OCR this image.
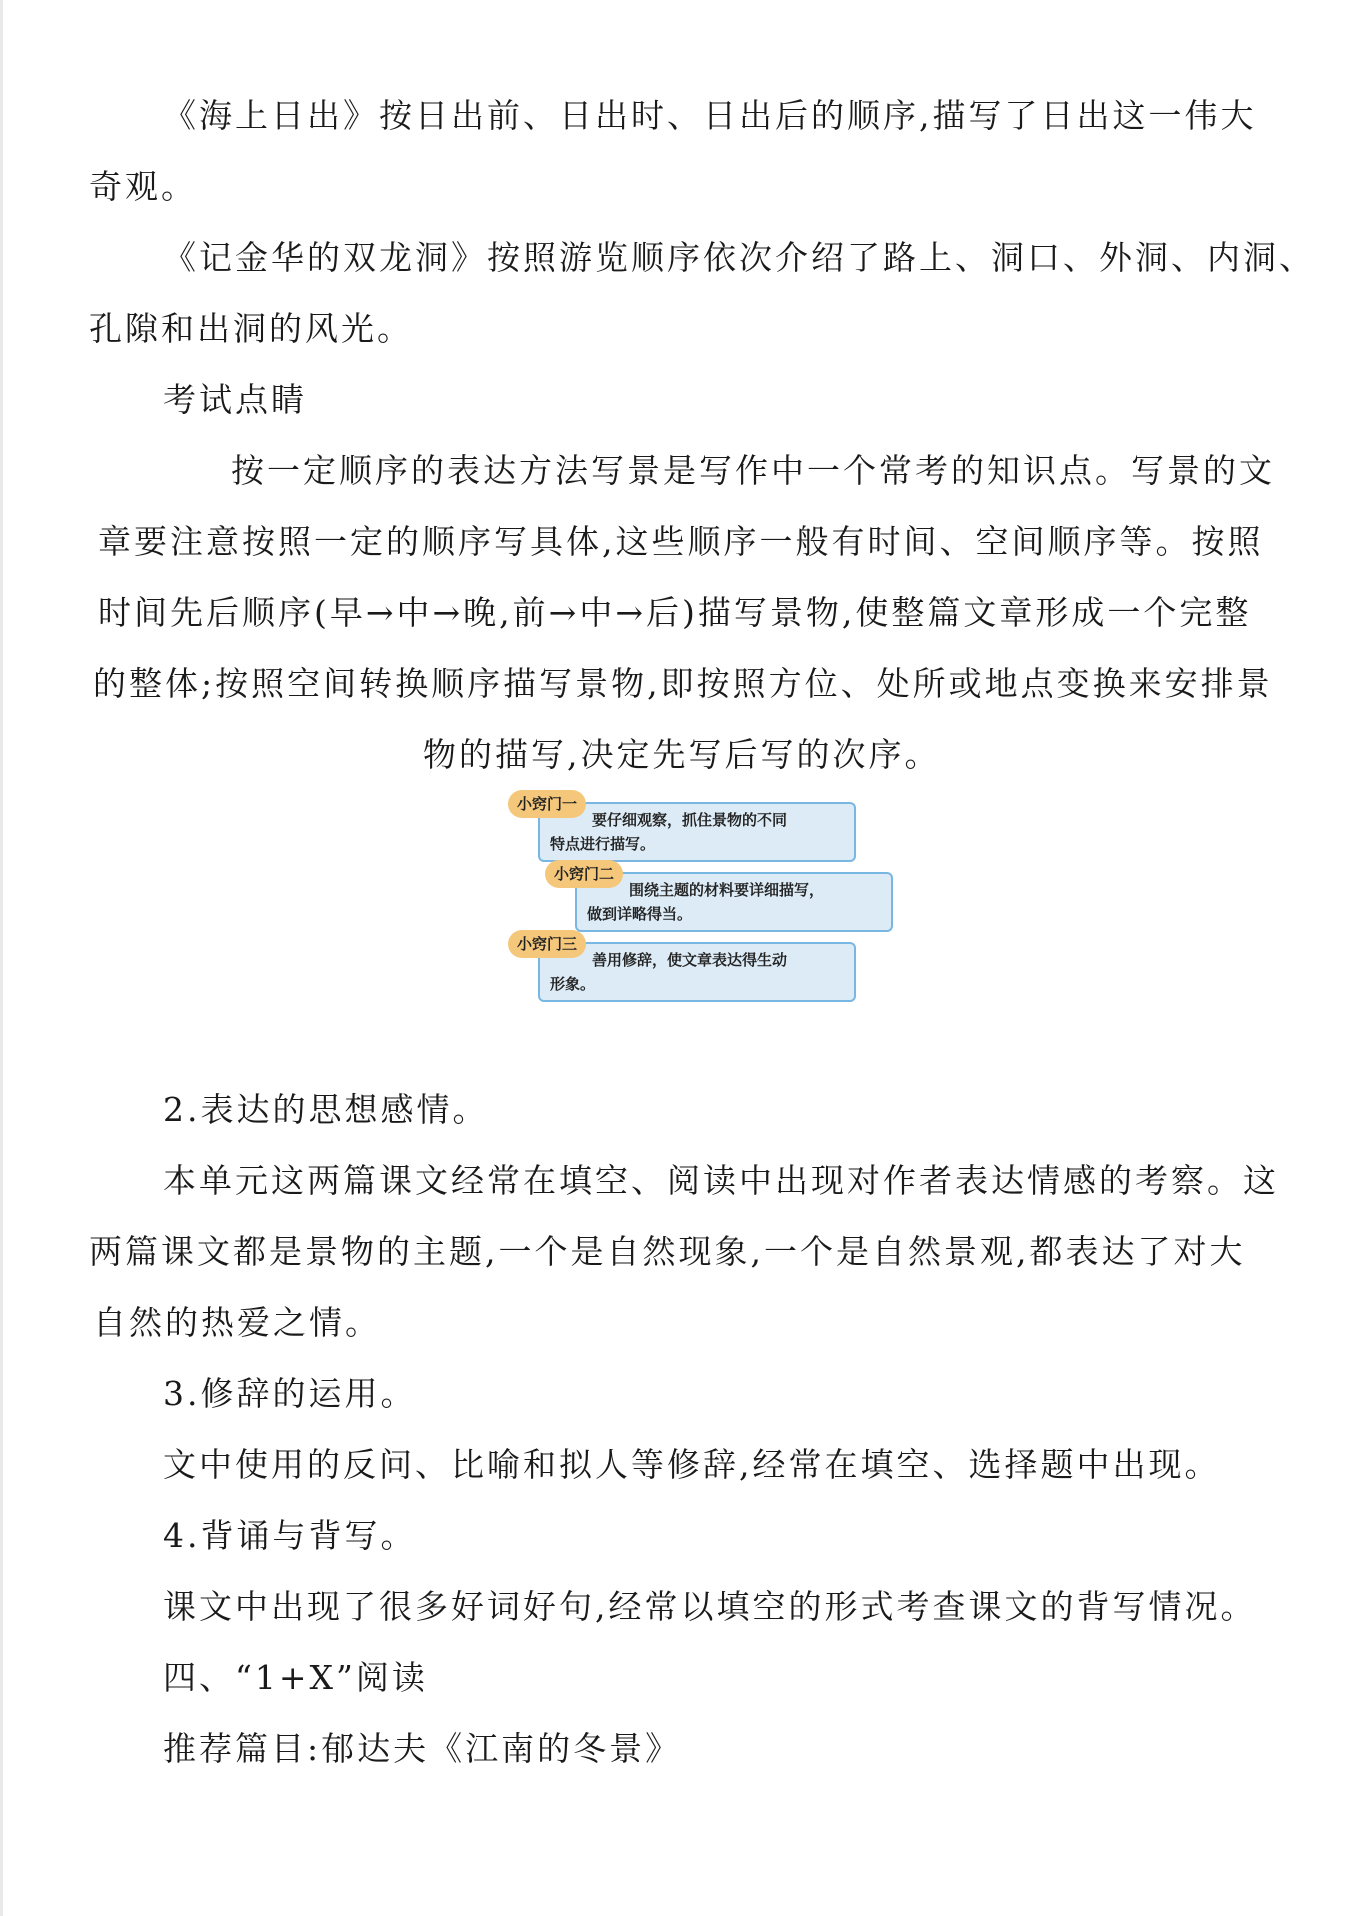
《海上日出》按日出前、日出时、日出后的顺序,描写了日出这一伟大
奇观。
《记金华的双龙洞》按照游览顺序依次介绍了路上、洞口、外洞、内洞、
孔隙和出洞的风光。
考试点睛
按一定顺序的表达方法写景是写作中一个常考的知识点。写景的文
章要注意按照一定的顺序写具体,这些顺序一般有时间、空间顺序等。按照
时间先后顺序(早→中→晚,前→中→后)描写景物,使整篇文章形成一个完整
的整体;按照空间转换顺序描写景物,即按照方位、处所或地点变换来安排景
物的描写,决定先写后写的次序。
要仔细观察，抓住景物的不同
特点进行描写。
小窍门一
围绕主题的材料要详细描写，
做到详略得当。
小窍门二
善用修辞，使文章表达得生动
形象。
小窍门三
2.表达的思想感情。
本单元这两篇课文经常在填空、阅读中出现对作者表达情感的考察。这
两篇课文都是景物的主题,一个是自然现象,一个是自然景观,都表达了对大
自然的热爱之情。
3.修辞的运用。
文中使用的反问、比喻和拟人等修辞,经常在填空、选择题中出现。
4.背诵与背写。
课文中出现了很多好词好句,经常以填空的形式考查课文的背写情况。
四、“1+X”阅读
推荐篇目:郁达夫《江南的冬景》
